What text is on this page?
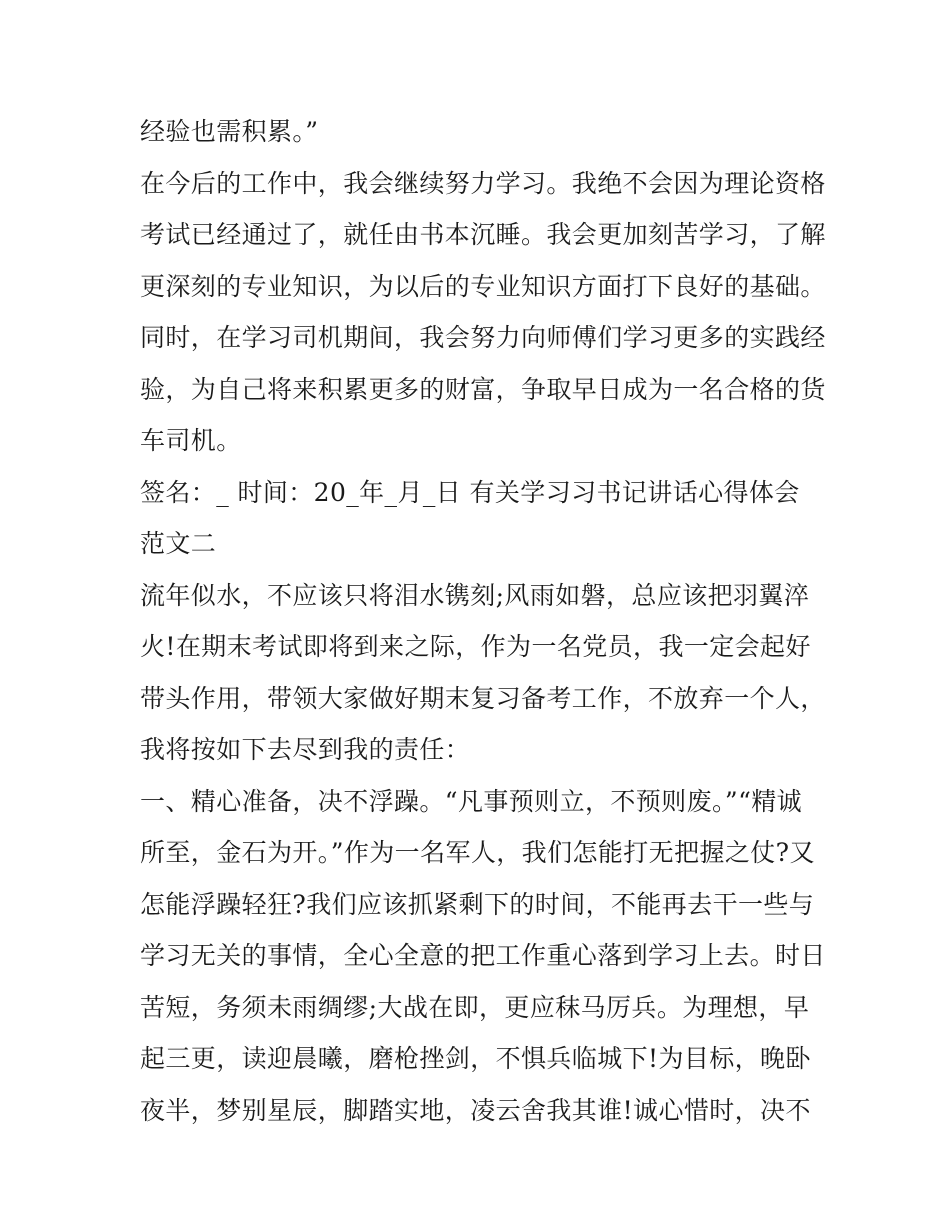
经验也需积累。”
在今后的工作中，我会继续努力学习。我绝不会因为理论资格
考试已经通过了，就任由书本沉睡。我会更加刻苦学习，了解
更深刻的专业知识，为以后的专业知识方面打下良好的基础。
同时，在学习司机期间，我会努力向师傅们学习更多的实践经
验，为自己将来积累更多的财富，争取早日成为一名合格的货
车司机。
签名：_ 时间：20_年_月_日 有关学习习书记讲话心得体会
范文二
流年似水，不应该只将泪水镌刻;风雨如磐，总应该把羽翼淬
火!在期末考试即将到来之际，作为一名党员，我一定会起好
带头作用，带领大家做好期末复习备考工作，不放弃一个人，
我将按如下去尽到我的责任：
一、精心准备，决不浮躁。“凡事预则立，不预则废。”“精诚
所至，金石为开。”作为一名军人，我们怎能打无把握之仗?又
怎能浮躁轻狂?我们应该抓紧剩下的时间，不能再去干一些与
学习无关的事情，全心全意的把工作重心落到学习上去。时日
苦短，务须未雨绸缪;大战在即，更应秣马厉兵。为理想，早
起三更，读迎晨曦，磨枪挫剑，不惧兵临城下!为目标，晚卧
夜半，梦别星辰，脚踏实地，凌云舍我其谁!诚心惜时，决不
